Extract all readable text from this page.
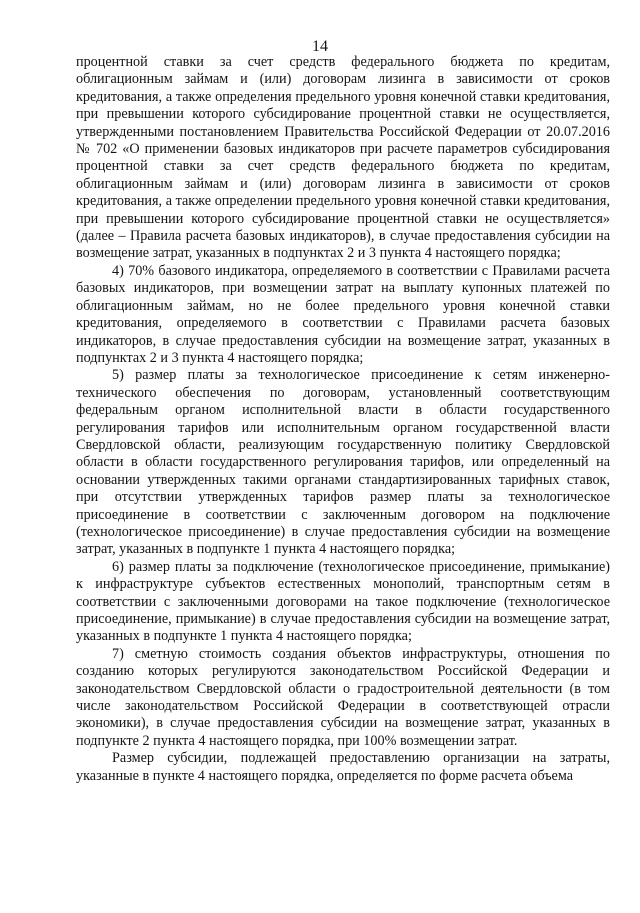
14

процентной ставки за счет средств федерального бюджета по кредитам, облигационным займам и (или) договорам лизинга в зависимости от сроков кредитования, а также определения предельного уровня конечной ставки кредитования, при превышении которого субсидирование процентной ставки не осуществляется, утвержденными постановлением Правительства Российской Федерации от 20.07.2016 № 702 «О применении базовых индикаторов при расчете параметров субсидирования процентной ставки за счет средств федерального бюджета по кредитам, облигационным займам и (или) договорам лизинга в зависимости от сроков кредитования, а также определении предельного уровня конечной ставки кредитования, при превышении которого субсидирование процентной ставки не осуществляется» (далее – Правила расчета базовых индикаторов), в случае предоставления субсидии на возмещение затрат, указанных в подпунктах 2 и 3 пункта 4 настоящего порядка;

4) 70% базового индикатора, определяемого в соответствии с Правилами расчета базовых индикаторов, при возмещении затрат на выплату купонных платежей по облигационным займам, но не более предельного уровня конечной ставки кредитования, определяемого в соответствии с Правилами расчета базовых индикаторов, в случае предоставления субсидии на возмещение затрат, указанных в подпунктах 2 и 3 пункта 4 настоящего порядка;

5) размер платы за технологическое присоединение к сетям инженерно-технического обеспечения по договорам, установленный соответствующим федеральным органом исполнительной власти в области государственного регулирования тарифов или исполнительным органом государственной власти Свердловской области, реализующим государственную политику Свердловской области в области государственного регулирования тарифов, или определенный на основании утвержденных такими органами стандартизированных тарифных ставок, при отсутствии утвержденных тарифов размер платы за технологическое присоединение в соответствии с заключенным договором на подключение (технологическое присоединение) в случае предоставления субсидии на возмещение затрат, указанных в подпункте 1 пункта 4 настоящего порядка;

6) размер платы за подключение (технологическое присоединение, примыкание) к инфраструктуре субъектов естественных монополий, транспортным сетям в соответствии с заключенными договорами на такое подключение (технологическое присоединение, примыкание) в случае предоставления субсидии на возмещение затрат, указанных в подпункте 1 пункта 4 настоящего порядка;

7) сметную стоимость создания объектов инфраструктуры, отношения по созданию которых регулируются законодательством Российской Федерации и законодательством Свердловской области о градостроительной деятельности (в том числе законодательством Российской Федерации в соответствующей отрасли экономики), в случае предоставления субсидии на возмещение затрат, указанных в подпункте 2 пункта 4 настоящего порядка, при 100% возмещении затрат.

Размер субсидии, подлежащей предоставлению организации на затраты, указанные в пункте 4 настоящего порядка, определяется по форме расчета объема
